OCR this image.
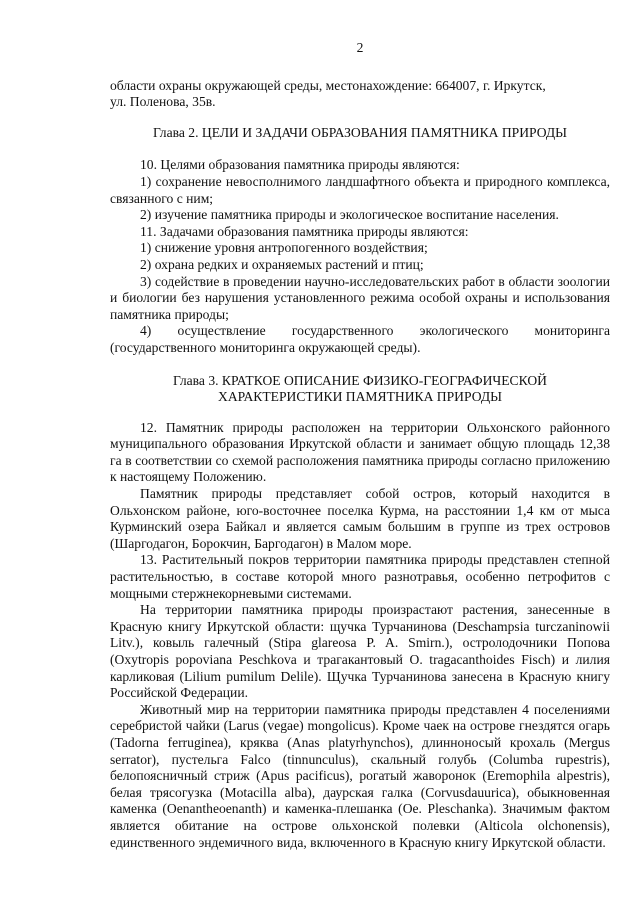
2

области охраны окружающей среды, местонахождение: 664007, г. Иркутск,

ул. Поленова, 35в.

Глава 2. ЦЕЛИ И ЗАДАЧИ ОБРАЗОВАНИЯ ПАМЯТНИКА ПРИРОДЫ

10. Целями образования памятника природы являются:

1) сохранение невосполнимого ландшафтного объекта и природного комплекса, связанного с ним;

2) изучение памятника природы и экологическое воспитание населения.

11. Задачами образования памятника природы являются:

1) снижение уровня антропогенного воздействия;

2) охрана редких и охраняемых растений и птиц;

3) содействие в проведении научно-исследовательских работ в области зоологии и биологии без нарушения установленного режима особой охраны и использования памятника природы;

4) осуществление государственного экологического мониторинга (государственного мониторинга окружающей среды).

Глава 3. КРАТКОЕ ОПИСАНИЕ ФИЗИКО-ГЕОГРАФИЧЕСКОЙ
ХАРАКТЕРИСТИКИ ПАМЯТНИКА ПРИРОДЫ

12. Памятник природы расположен на территории Ольхонского районного муниципального образования Иркутской области и занимает общую площадь 12,38 га в соответствии со схемой расположения памятника природы согласно приложению к настоящему Положению.

Памятник природы представляет собой остров, который находится в Ольхонском районе, юго-восточнее поселка Курма, на расстоянии 1,4 км от мыса Курминский озера Байкал и является самым большим в группе из трех островов (Шаргодагон, Борокчин, Баргодагон) в Малом море.

13. Растительный покров территории памятника природы представлен степной растительностью, в составе которой много разнотравья, особенно петрофитов с мощными стержнекорневыми системами.

На территории памятника природы произрастают растения, занесенные в Красную книгу Иркутской области: щучка Турчанинова (Deschampsia turczaninowii Litv.), ковыль галечный (Stipa glareosa P. A. Smirn.), остролодочники Попова (Oxytropis popoviana Peschkova и трагакантовый O. tragacanthoides Fisch) и лилия карликовая (Lilium pumilum Delile). Щучка Турчанинова занесена в Красную книгу Российской Федерации.

Животный мир на территории памятника природы представлен 4 поселениями серебристой чайки (Larus (vegae) mongolicus). Кроме чаек на острове гнездятся огарь (Tadorna ferruginea), кряква (Anas platyrhynchos), длинноносый крохаль (Mergus serrator), пустельга Falco (tinnunculus), скальный голубь (Columba rupestris), белопоясничный стриж (Apus pacificus), рогатый жаворонок (Eremophila alpestris), белая трясогузка (Motacilla alba), даурская галка (Corvusdauurica), обыкновенная каменка (Oenantheoenanth) и каменка-плешанка (Oe. Pleschanka). Значимым фактом является обитание на острове ольхонской полевки (Alticola olchonensis), единственного эндемичного вида, включенного в Красную книгу Иркутской области.
